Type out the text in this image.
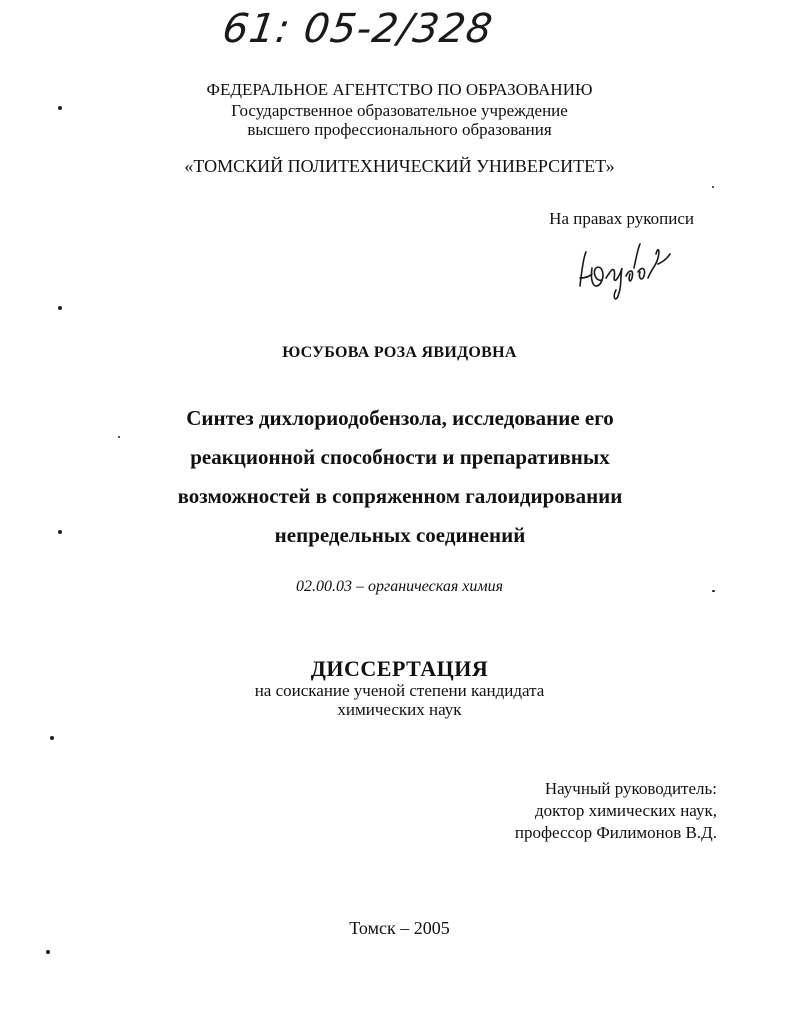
61: 05-2/328
ФЕДЕРАЛЬНОЕ АГЕНТСТВО ПО ОБРАЗОВАНИЮ
Государственное образовательное учреждение
высшего профессионального образования
«ТОМСКИЙ ПОЛИТЕХНИЧЕСКИЙ УНИВЕРСИТЕТ»
На правах рукописи
ЮСУБОВА РОЗА ЯВИДОВНА
Синтез дихлориодобензола, исследование его
реакционной способности и препаративных
возможностей в сопряженном галоидировании
непредельных соединений
02.00.03 – органическая химия
ДИССЕРТАЦИЯ
на соискание ученой степени кандидата
химических наук
Научный руководитель:
доктор химических наук,
профессор Филимонов В.Д.
Томск – 2005
